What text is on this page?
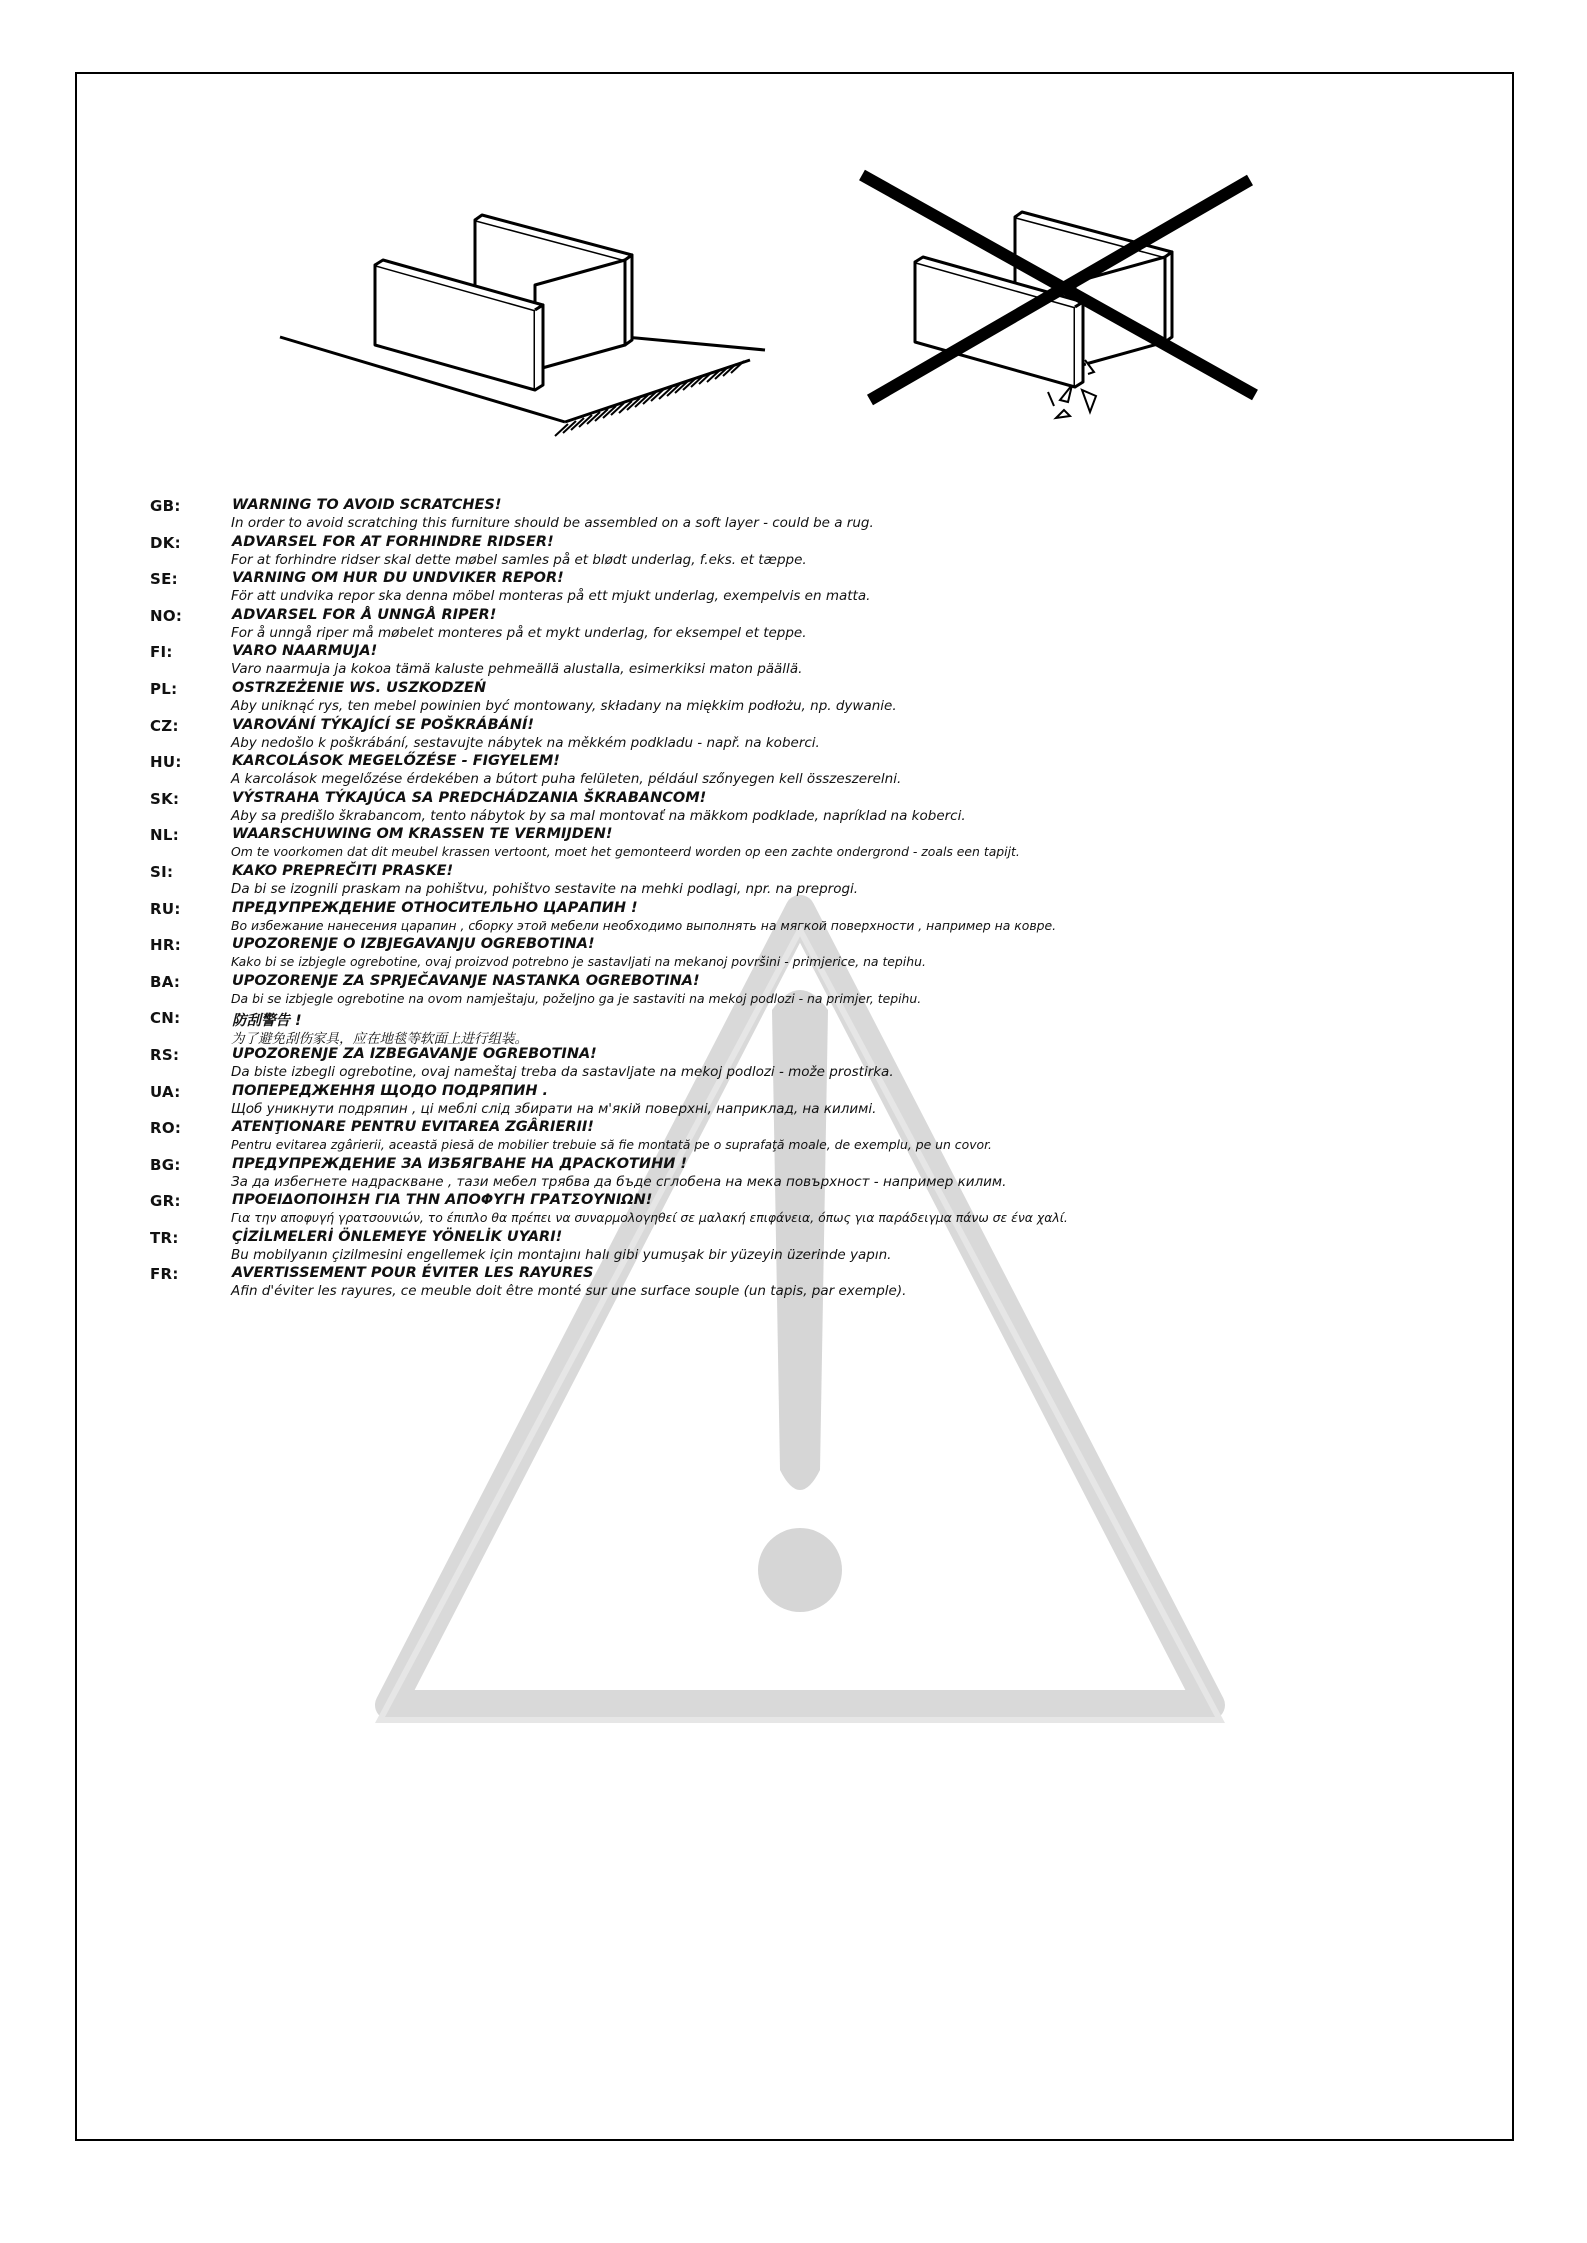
GB:	WARNING TO AVOID SCRATCHES!
In order to avoid scratching this furniture should be assembled on a soft layer - could be a rug.
DK:	ADVARSEL FOR AT FORHINDRE RIDSER!
For at forhindre ridser skal dette møbel samles på et blødt underlag, f.eks. et tæppe.
SE:	VARNING OM HUR DU UNDVIKER REPOR!
För att undvika repor ska denna möbel monteras på ett mjukt underlag, exempelvis en matta.
NO:	ADVARSEL FOR Å UNNGÅ RIPER!
For å unngå riper må møbelet monteres på et mykt underlag, for eksempel et teppe.
FI:	VARO NAARMUJA!
Varo naarmuja ja kokoa tämä kaluste pehmeällä alustalla, esimerkiksi maton päällä.
PL:	OSTRZEŻENIE WS. USZKODZEŃ
Aby uniknąć rys, ten mebel powinien być montowany, składany na miękkim podłożu, np. dywanie.
CZ:	VAROVÁNÍ TÝKAJÍCÍ SE POŠKRÁBÁNÍ!
Aby nedošlo k poškrábání, sestavujte nábytek na měkkém podkladu - např. na koberci.
HU:	KARCOLÁSOK MEGELŐZÉSE - FIGYELEM!
A karcolások megelőzése érdekében a bútort puha felületen, például szőnyegen kell összeszerelni.
SK:	VÝSTRAHA TÝKAJÚCA SA PREDCHÁDZANIA ŠKRABANCOM!
Aby sa predišlo škrabancom, tento nábytok by sa mal montovať na mäkkom podklade, napríklad na koberci.
NL:	WAARSCHUWING OM KRASSEN TE VERMIJDEN!
Om te voorkomen dat dit meubel krassen vertoont, moet het gemonteerd worden op een zachte ondergrond - zoals een tapijt.
SI:	KAKO PREPREČITI PRASKE!
Da bi se izognili praskam na pohištvu, pohištvo sestavite na mehki podlagi, npr. na preprogi.
RU:	ПРЕДУПРЕЖДЕНИЕ ОТНОСИТЕЛЬНО ЦАРАПИН !
Во избежание нанесения царапин , сборку этой мебели необходимо выполнять на мягкой поверхности , например на ковре.
HR:	UPOZORENJE O IZBJEGAVANJU OGREBOTINA!
Kako bi se izbjegle ogrebotine, ovaj proizvod potrebno je sastavljati na mekanoj površini - primjerice, na tepihu.
BA:	UPOZORENJE ZA SPRJEČAVANJE NASTANKA OGREBOTINA!
Da bi se izbjegle ogrebotine na ovom namještaju, poželjno ga je sastaviti na mekoj podlozi - na primjer, tepihu.
CN:	防刮警告 !
为了避免刮伤家具，应在地毯等软面上进行组装。
RS:	UPOZORENJE ZA IZBEGAVANJE OGREBOTINA!
Da biste izbegli ogrebotine, ovaj nameštaj treba da sastavljate na mekoj podlozi - može prostirka.
UA:	ПОПЕРЕДЖЕННЯ ЩОДО ПОДРЯПИН .
Щоб уникнути подряпин , ці меблі слід збирати на м'якій поверхні, наприклад, на килимі.
RO:	ATENŢIONARE PENTRU EVITAREA ZGÂRIERII!
Pentru evitarea zgârierii, această piesă de mobilier trebuie să fie montată pe o suprafaţă moale, de exemplu, pe un covor.
BG:	ПРЕДУПРЕЖДЕНИЕ ЗА ИЗБЯГВАНЕ НА ДРАСКОТИНИ !
За да избегнете надраскване , тази мебел трябва да бъде сглобена на мека повърхност - например килим.
GR:	ΠΡΟΕΙΔΟΠΟΙΗΣΗ ΓΙΑ ΤΗΝ ΑΠΟΦΥΓΗ ΓΡΑΤΣΟΥΝΙΩΝ!
Για την αποφυγή γρατσουνιών, το έπιπλο θα πρέπει να συναρμολογηθεί σε μαλακή επιφάνεια, όπως για παράδειγμα πάνω σε ένα χαλί.
TR:	ÇİZİLMELERİ ÖNLEMEYE YÖNELİK UYARI!
Bu mobilyanın çizilmesini engellemek için montajını halı gibi yumuşak bir yüzeyin üzerinde yapın.
FR:	AVERTISSEMENT POUR ÉVITER LES RAYURES
Afin d'éviter les rayures, ce meuble doit être monté sur une surface souple (un tapis, par exemple).
